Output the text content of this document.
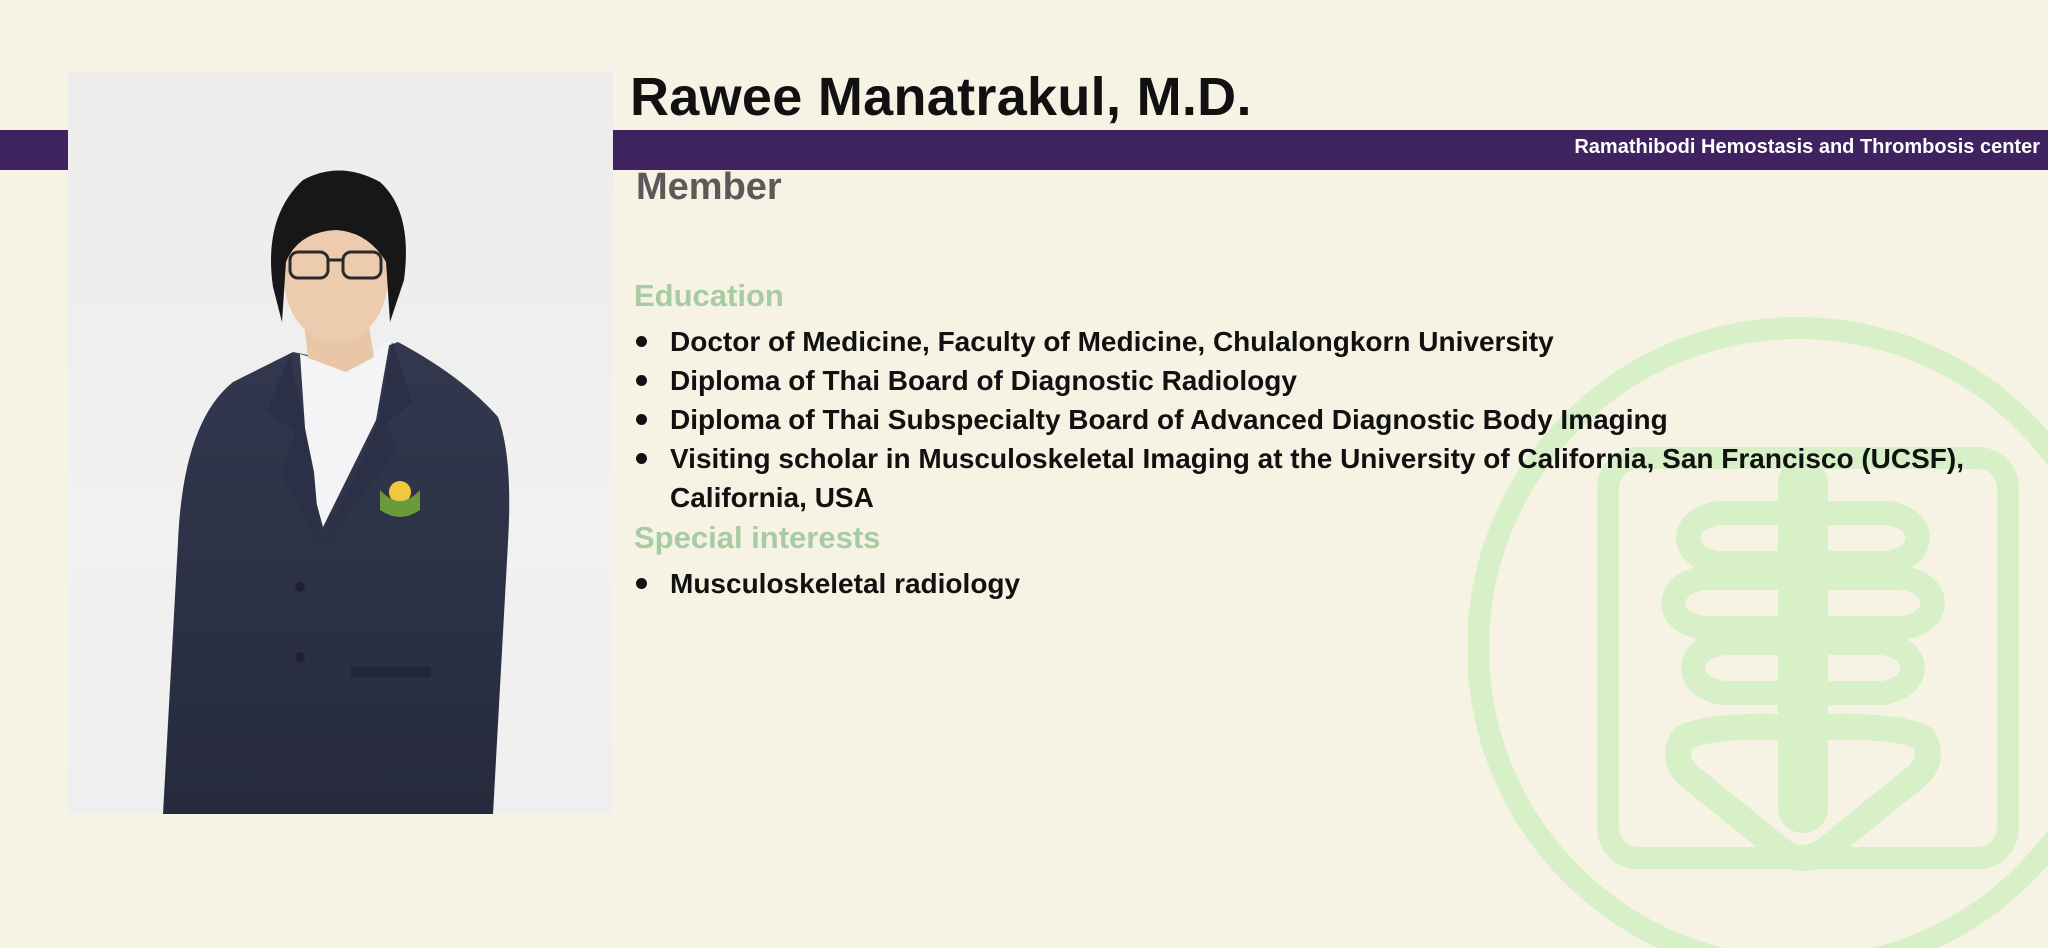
Ramathibodi Hemostasis and Thrombosis center
Rawee Manatrakul, M.D.
Member
Education
Doctor of Medicine, Faculty of Medicine, Chulalongkorn University
Diploma of Thai Board of Diagnostic Radiology
Diploma of Thai Subspecialty Board of Advanced Diagnostic Body Imaging
Visiting scholar in Musculoskeletal Imaging at the University of California, San Francisco (UCSF), California, USA
Special interests
Musculoskeletal radiology
